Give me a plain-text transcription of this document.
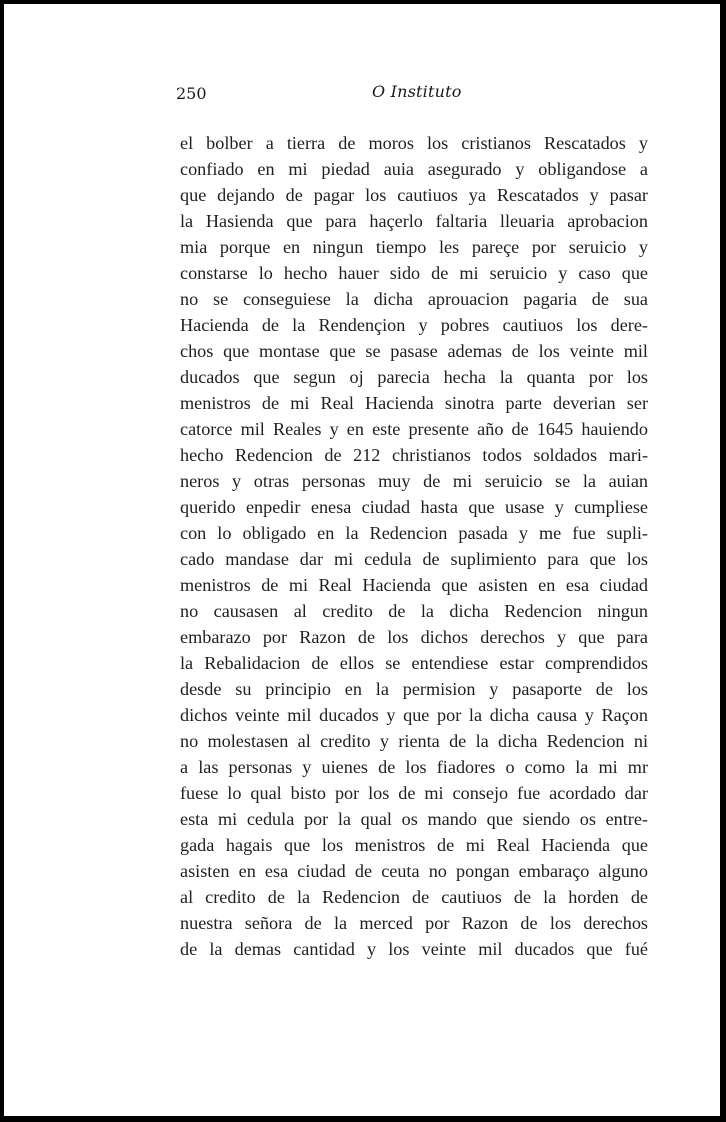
250	O Instituto
el bolber a tierra de moros los cristianos Rescatados y
confiado en mi piedad auia asegurado y obligandose a
que dejando de pagar los cautiuos ya Rescatados y pasar
la Hasienda que para haçerlo faltaria lleuaria aprobacion
mia porque en ningun tiempo les pareçe por seruicio y
constarse lo hecho hauer sido de mi seruicio y caso que
no se conseguiese la dicha aprouacion pagaria de sua
Hacienda de la Rendençion y pobres cautiuos los dere-
chos que montase que se pasase ademas de los veinte mil
ducados que segun oj parecia hecha la quanta por los
menistros de mi Real Hacienda sinotra parte deverian ser
catorce mil Reales y en este presente año de 1645 hauiendo
hecho Redencion de 212 christianos todos soldados mari-
neros y otras personas muy de mi seruicio se la auian
querido enpedir enesa ciudad hasta que usase y cumpliese
con lo obligado en la Redencion pasada y me fue supli-
cado mandase dar mi cedula de suplimiento para que los
menistros de mi Real Hacienda que asisten en esa ciudad
no causasen al credito de la dicha Redencion ningun
embarazo por Razon de los dichos derechos y que para
la Rebalidacion de ellos se entendiese estar comprendidos
desde su principio en la permision y pasaporte de los
dichos veinte mil ducados y que por la dicha causa y Raçon
no molestasen al credito y rienta de la dicha Redencion ni
a las personas y uienes de los fiadores o como la mi mr
fuese lo qual bisto por los de mi consejo fue acordado dar
esta mi cedula por la qual os mando que siendo os entre-
gada hagais que los menistros de mi Real Hacienda que
asisten en esa ciudad de ceuta no pongan embaraço alguno
al credito de la Redencion de cautiuos de la horden de
nuestra señora de la merced por Razon de los derechos
de la demas cantidad y los veinte mil ducados que fué
